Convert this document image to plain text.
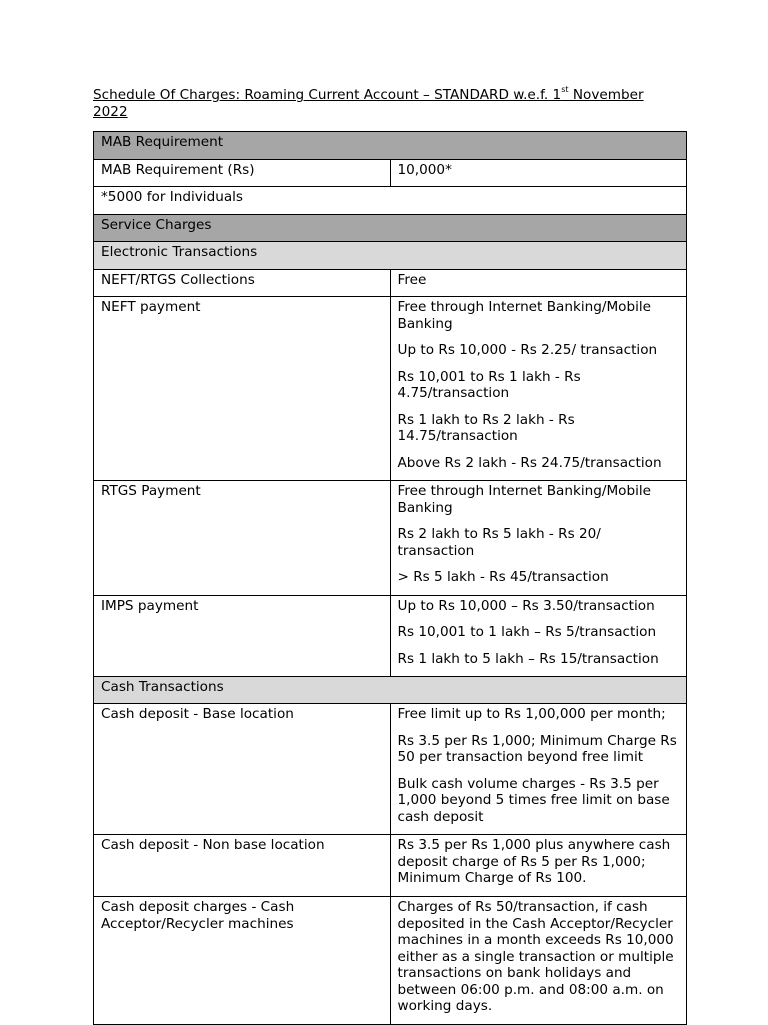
Schedule Of Charges: Roaming Current Account – STANDARD w.e.f. 1st November 2022
MAB Requirement	
MAB Requirement (Rs)	10,000*
*5000 for Individuals	
Service Charges	
Electronic Transactions	
NEFT/RTGS Collections	Free
NEFT payment	Free through Internet Banking/Mobile Banking
Up to Rs 10,000 - Rs 2.25/ transaction
Rs 10,001 to Rs 1 lakh - Rs 4.75/transaction
Rs 1 lakh to Rs 2 lakh - Rs 14.75/transaction
Above Rs 2 lakh - Rs 24.75/transaction

RTGS Payment	Free through Internet Banking/Mobile Banking
Rs 2 lakh to Rs 5 lakh - Rs 20/ transaction
> Rs 5 lakh - Rs 45/transaction

IMPS payment	Up to Rs 10,000 – Rs 3.50/transaction
Rs 10,001 to 1 lakh – Rs 5/transaction
Rs 1 lakh to 5 lakh – Rs 15/transaction

Cash Transactions	
Cash deposit - Base location	Free limit up to Rs 1,00,000 per month;
Rs 3.5 per Rs 1,000; Minimum Charge Rs 50 per transaction beyond free limit
Bulk cash volume charges - Rs 3.5 per 1,000 beyond 5 times free limit on base cash deposit

Cash deposit - Non base location	Rs 3.5 per Rs 1,000 plus anywhere cash deposit charge of Rs 5 per Rs 1,000; Minimum Charge of Rs 100.
Cash deposit charges - Cash Acceptor/Recycler machines	Charges of Rs 50/transaction, if cash deposited in the Cash Acceptor/Recycler machines in a month exceeds Rs 10,000 either as a single transaction or multiple transactions on bank holidays and between 06:00 p.m. and 08:00 a.m. on working days.
